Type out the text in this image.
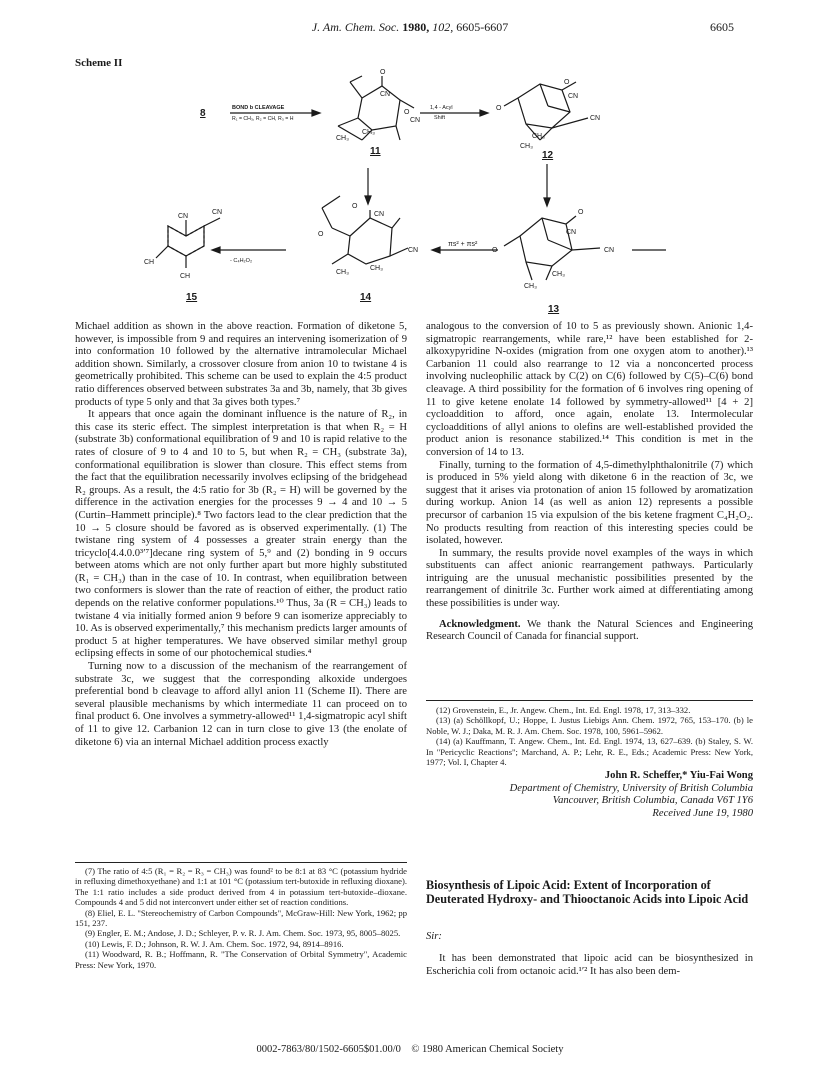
J. Am. Chem. Soc. 1980, 102, 6605-6607	6605
Scheme II
8
11	12
13
14
15
BOND b CLEAVAGE
R₁ = CH₃, R₂ = CH, R₃ = H
1,4 - Acyl
Shift
- C₄H₂O₂
πs² + πs²
O
CN
O
CN
CH₃
CH₃
O
CN
O
CN
CH₃
CH₃
O
CN
O
CN
CH₃
CH₃
O
CN
O	CN
CH₃
CH₃
CN
CN
CH
CH

Michael addition as shown in the above reaction. Formation of diketone 5, however, is impossible from 9 and requires an intervening isomerization of 9 into conformation 10 followed by the alternative intramolecular Michael addition shown. Similarly, a crossover closure from anion 10 to twistane 4 is geometrically prohibited. This scheme can be used to explain the 4:5 product ratio differences observed between substrates 3a and 3b, namely, that 3b gives products of type 5 only and that 3a gives both types.⁷

It appears that once again the dominant influence is the nature of R₂, in this case its steric effect. The simplest interpretation is that when R₂ = H (substrate 3b) conformational equilibration of 9 and 10 is rapid relative to the rates of closure of 9 to 4 and 10 to 5, but when R₂ = CH₃ (substrate 3a), conformational equilibration is slower than closure. This effect stems from the fact that the equilibration necessarily involves eclipsing of the bridgehead R₂ groups. As a result, the 4:5 ratio for 3b (R₂ = H) will be governed by the difference in the activation energies for the processes 9 → 4 and 10 → 5 (Curtin–Hammett principle).⁸ Two factors lead to the clear prediction that the 10 → 5 closure should be favored as is observed experimentally. (1) The twistane ring system of 4 possesses a greater strain energy than the tricyclo[4.4.0.0³ʹ⁷]decane ring system of 5,⁹ and (2) bonding in 9 occurs between atoms which are not only further apart but more highly substituted (R₁ = CH₃) than in the case of 10. In contrast, when equilibration between two conformers is slower than the rate of reaction of either, the product ratio depends on the relative conformer populations.¹⁰ Thus, 3a (R = CH₃) leads to twistane 4 via initially formed anion 9 before 9 can isomerize appreciably to 10. As is observed experimentally,⁷ this mechanism predicts larger amounts of product 5 at higher temperatures. We have observed similar methyl group eclipsing effects in some of our photochemical studies.⁴

Turning now to a discussion of the mechanism of the rearrangement of substrate 3c, we suggest that the corresponding alkoxide undergoes preferential bond b cleavage to afford allyl anion 11 (Scheme II). There are several plausible mechanisms by which intermediate 11 can proceed on to final product 6. One involves a symmetry-allowed¹¹ 1,4-sigmatropic acyl shift of 11 to give 12. Carbanion 12 can in turn close to give 13 (the enolate of diketone 6) via an internal Michael addition process exactly

analogous to the conversion of 10 to 5 as previously shown. Anionic 1,4-sigmatropic rearrangements, while rare,¹² have been established for 2-alkoxypyridine N-oxides (migration from one oxygen atom to another).¹³ Carbanion 11 could also rearrange to 12 via a nonconcerted process involving nucleophilic attack by C(2) on C(6) followed by C(5)–C(6) bond cleavage. A third possibility for the formation of 6 involves ring opening of 11 to give ketene enolate 14 followed by symmetry-allowed¹¹ [4 + 2] cycloaddition to afford, once again, enolate 13. Intermolecular cycloadditions of allyl anions to olefins are well-established provided the product anion is resonance stabilized.¹⁴ This condition is met in the conversion of 14 to 13.

Finally, turning to the formation of 4,5-dimethylphthalonitrile (7) which is produced in 5% yield along with diketone 6 in the reaction of 3c, we suggest that it arises via protonation of anion 15 followed by aromatization during workup. Anion 14 (as well as anion 12) represents a possible precursor of carbanion 15 via expulsion of the bis ketene fragment C₄H₂O₂. No products resulting from reaction of this interesting species could be isolated, however.

In summary, the results provide novel examples of the ways in which substituents can affect anionic rearrangement pathways. Particularly intriguing are the unusual mechanistic possibilities presented by the rearrangement of dinitrile 3c. Further work aimed at differentiating among these possibilities is under way.

Acknowledgment. We thank the Natural Sciences and Engineering Research Council of Canada for financial support.

(12) Grovenstein, E., Jr. Angew. Chem., Int. Ed. Engl. 1978, 17, 313–332.
(13) (a) Schöllkopf, U.; Hoppe, I. Justus Liebigs Ann. Chem. 1972, 765, 153–170. (b) le Noble, W. J.; Daka, M. R. J. Am. Chem. Soc. 1978, 100, 5961–5962.
(14) (a) Kauffmann, T. Angew. Chem., Int. Ed. Engl. 1974, 13, 627–639. (b) Staley, S. W. In "Pericyclic Reactions"; Marchand, A. P.; Lehr, R. E., Eds.; Academic Press: New York, 1977; Vol. I, Chapter 4.
John R. Scheffer,* Yiu-Fai Wong
Department of Chemistry, University of British Columbia
Vancouver, British Columbia, Canada V6T 1Y6
Received June 19, 1980
(7) The ratio of 4:5 (R₁ = R₂ = R₃ = CH₃) was found² to be 8:1 at 83 °C (potassium hydride in refluxing dimethoxyethane) and 1:1 at 101 °C (potassium tert-butoxide in refluxing dioxane). The 1:1 ratio includes a side product derived from 4 in potassium tert-butoxide–dioxane. Compounds 4 and 5 did not interconvert under either set of reaction conditions.
(8) Eliel, E. L. "Stereochemistry of Carbon Compounds", McGraw-Hill: New York, 1962; pp 151, 237.
(9) Engler, E. M.; Andose, J. D.; Schleyer, P. v. R. J. Am. Chem. Soc. 1973, 95, 8005–8025.
(10) Lewis, F. D.; Johnson, R. W. J. Am. Chem. Soc. 1972, 94, 8914–8916.
(11) Woodward, R. B.; Hoffmann, R. "The Conservation of Orbital Symmetry", Academic Press: New York, 1970.
Biosynthesis of Lipoic Acid: Extent of Incorporation of Deuterated Hydroxy- and Thiooctanoic Acids into Lipoic Acid
Sir:
It has been demonstrated that lipoic acid can be biosynthesized in Escherichia coli from octanoic acid.¹ʹ² It has also been dem-
0002-7863/80/1502-6605$01.00/0 © 1980 American Chemical Society
